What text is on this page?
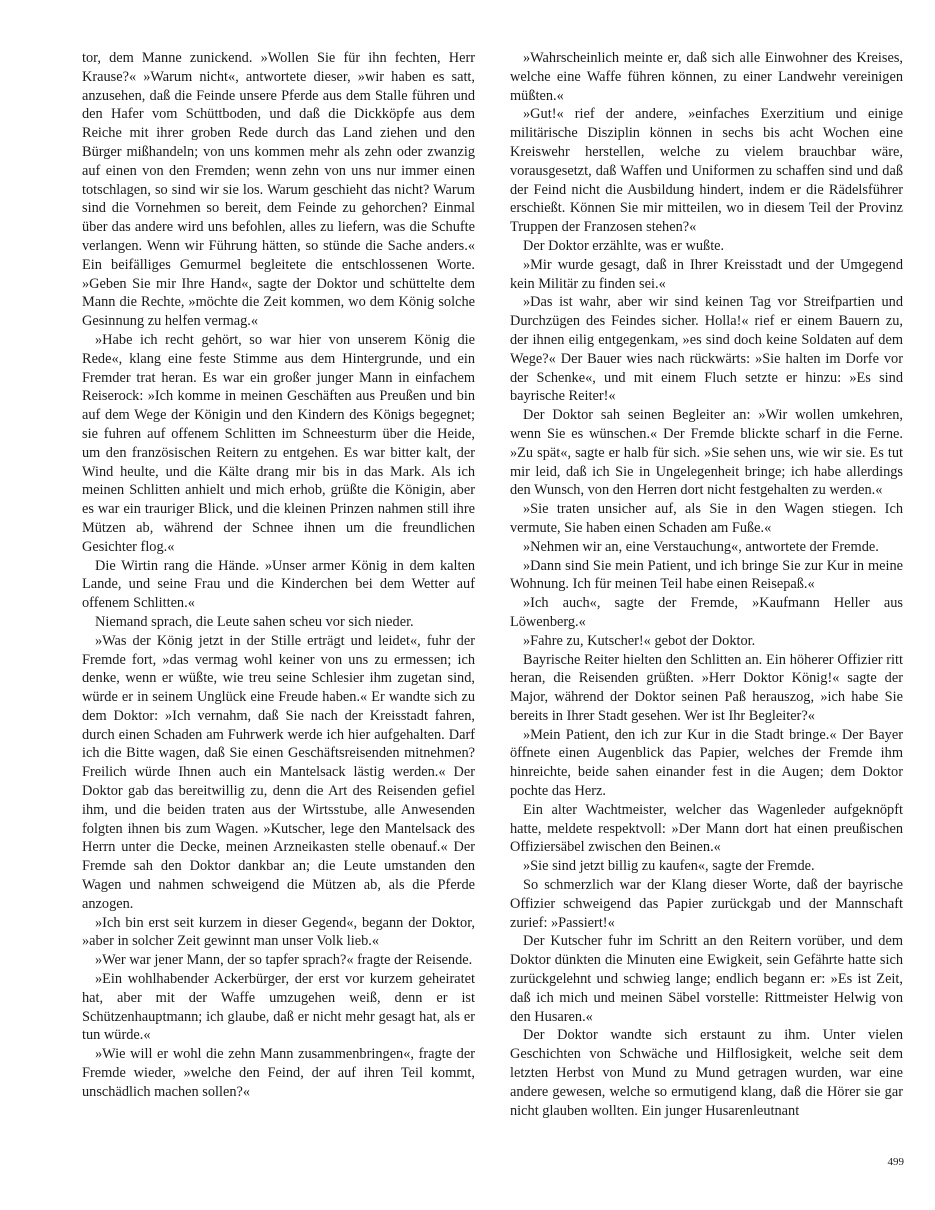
tor, dem Manne zunickend. »Wollen Sie für ihn fechten, Herr Krause?« »Warum nicht«, antwortete dieser, »wir haben es satt, anzusehen, daß die Feinde unsere Pferde aus dem Stalle führen und den Hafer vom Schüttboden, und daß die Dickköpfe aus dem Reiche mit ihrer groben Rede durch das Land ziehen und den Bürger mißhandeln; von uns kommen mehr als zehn oder zwanzig auf einen von den Fremden; wenn zehn von uns nur immer einen totschlagen, so sind wir sie los. Warum geschieht das nicht? Warum sind die Vornehmen so bereit, dem Feinde zu gehorchen? Einmal über das andere wird uns befohlen, alles zu liefern, was die Schufte verlangen. Wenn wir Führung hätten, so stünde die Sache anders.« Ein beifälliges Gemurmel begleitete die entschlossenen Worte. »Geben Sie mir Ihre Hand«, sagte der Doktor und schüttelte dem Mann die Rechte, »möchte die Zeit kommen, wo dem König solche Gesinnung zu helfen vermag.«

»Habe ich recht gehört, so war hier von unserem König die Rede«, klang eine feste Stimme aus dem Hintergrunde, und ein Fremder trat heran. Es war ein großer junger Mann in einfachem Reiserock: »Ich komme in meinen Geschäften aus Preußen und bin auf dem Wege der Königin und den Kindern des Königs begegnet; sie fuhren auf offenem Schlitten im Schneesturm über die Heide, um den französischen Reitern zu entgehen. Es war bitter kalt, der Wind heulte, und die Kälte drang mir bis in das Mark. Als ich meinen Schlitten anhielt und mich erhob, grüßte die Königin, aber es war ein trauriger Blick, und die kleinen Prinzen nahmen still ihre Mützen ab, während der Schnee ihnen um die freundlichen Gesichter flog.«

Die Wirtin rang die Hände. »Unser armer König in dem kalten Lande, und seine Frau und die Kinderchen bei dem Wetter auf offenem Schlitten.«

Niemand sprach, die Leute sahen scheu vor sich nieder.

»Was der König jetzt in der Stille erträgt und leidet«, fuhr der Fremde fort, »das vermag wohl keiner von uns zu ermessen; ich denke, wenn er wüßte, wie treu seine Schlesier ihm zugetan sind, würde er in seinem Unglück eine Freude haben.« Er wandte sich zu dem Doktor: »Ich vernahm, daß Sie nach der Kreisstadt fahren, durch einen Schaden am Fuhrwerk werde ich hier aufgehalten. Darf ich die Bitte wagen, daß Sie einen Geschäftsreisenden mitnehmen? Freilich würde Ihnen auch ein Mantelsack lästig werden.« Der Doktor gab das bereitwillig zu, denn die Art des Reisenden gefiel ihm, und die beiden traten aus der Wirtsstube, alle Anwesenden folgten ihnen bis zum Wagen. »Kutscher, lege den Mantelsack des Herrn unter die Decke, meinen Arzneikasten stelle obenauf.« Der Fremde sah den Doktor dankbar an; die Leute umstanden den Wagen und nahmen schweigend die Mützen ab, als die Pferde anzogen.

»Ich bin erst seit kurzem in dieser Gegend«, begann der Doktor, »aber in solcher Zeit gewinnt man unser Volk lieb.«

»Wer war jener Mann, der so tapfer sprach?« fragte der Reisende.

»Ein wohlhabender Ackerbürger, der erst vor kurzem geheiratet hat, aber mit der Waffe umzugehen weiß, denn er ist Schützenhauptmann; ich glaube, daß er nicht mehr gesagt hat, als er tun würde.«

»Wie will er wohl die zehn Mann zusammenbringen«, fragte der Fremde wieder, »welche den Feind, der auf ihren Teil kommt, unschädlich machen sollen?«

»Wahrscheinlich meinte er, daß sich alle Einwohner des Kreises, welche eine Waffe führen können, zu einer Landwehr vereinigen müßten.«

»Gut!« rief der andere, »einfaches Exerzitium und einige militärische Disziplin können in sechs bis acht Wochen eine Kreiswehr herstellen, welche zu vielem brauchbar wäre, vorausgesetzt, daß Waffen und Uniformen zu schaffen sind und daß der Feind nicht die Ausbildung hindert, indem er die Rädelsführer erschießt. Können Sie mir mitteilen, wo in diesem Teil der Provinz Truppen der Franzosen stehen?«

Der Doktor erzählte, was er wußte.

»Mir wurde gesagt, daß in Ihrer Kreisstadt und der Umgegend kein Militär zu finden sei.«

»Das ist wahr, aber wir sind keinen Tag vor Streifpartien und Durchzügen des Feindes sicher. Holla!« rief er einem Bauern zu, der ihnen eilig entgegenkam, »es sind doch keine Soldaten auf dem Wege?« Der Bauer wies nach rückwärts: »Sie halten im Dorfe vor der Schenke«, und mit einem Fluch setzte er hinzu: »Es sind bayrische Reiter!«

Der Doktor sah seinen Begleiter an: »Wir wollen umkehren, wenn Sie es wünschen.« Der Fremde blickte scharf in die Ferne. »Zu spät«, sagte er halb für sich. »Sie sehen uns, wie wir sie. Es tut mir leid, daß ich Sie in Ungelegenheit bringe; ich habe allerdings den Wunsch, von den Herren dort nicht festgehalten zu werden.«

»Sie traten unsicher auf, als Sie in den Wagen stiegen. Ich vermute, Sie haben einen Schaden am Fuße.«

»Nehmen wir an, eine Verstauchung«, antwortete der Fremde.

»Dann sind Sie mein Patient, und ich bringe Sie zur Kur in meine Wohnung. Ich für meinen Teil habe einen Reisepaß.«

»Ich auch«, sagte der Fremde, »Kaufmann Heller aus Löwenberg.«

»Fahre zu, Kutscher!« gebot der Doktor.

Bayrische Reiter hielten den Schlitten an. Ein höherer Offizier ritt heran, die Reisenden grüßten. »Herr Doktor König!« sagte der Major, während der Doktor seinen Paß herauszog, »ich habe Sie bereits in Ihrer Stadt gesehen. Wer ist Ihr Begleiter?«

»Mein Patient, den ich zur Kur in die Stadt bringe.« Der Bayer öffnete einen Augenblick das Papier, welches der Fremde ihm hinreichte, beide sahen einander fest in die Augen; dem Doktor pochte das Herz.

Ein alter Wachtmeister, welcher das Wagenleder aufgeknöpft hatte, meldete respektvoll: »Der Mann dort hat einen preußischen Offiziersäbel zwischen den Beinen.«

»Sie sind jetzt billig zu kaufen«, sagte der Fremde.

So schmerzlich war der Klang dieser Worte, daß der bayrische Offizier schweigend das Papier zurückgab und der Mannschaft zurief: »Passiert!«

Der Kutscher fuhr im Schritt an den Reitern vorüber, und dem Doktor dünkten die Minuten eine Ewigkeit, sein Gefährte hatte sich zurückgelehnt und schwieg lange; endlich begann er: »Es ist Zeit, daß ich mich und meinen Säbel vorstelle: Rittmeister Helwig von den Husaren.«

Der Doktor wandte sich erstaunt zu ihm. Unter vielen Geschichten von Schwäche und Hilflosigkeit, welche seit dem letzten Herbst von Mund zu Mund getragen wurden, war eine andere gewesen, welche so ermutigend klang, daß die Hörer sie gar nicht glauben wollten. Ein junger Husarenleutnant

499
